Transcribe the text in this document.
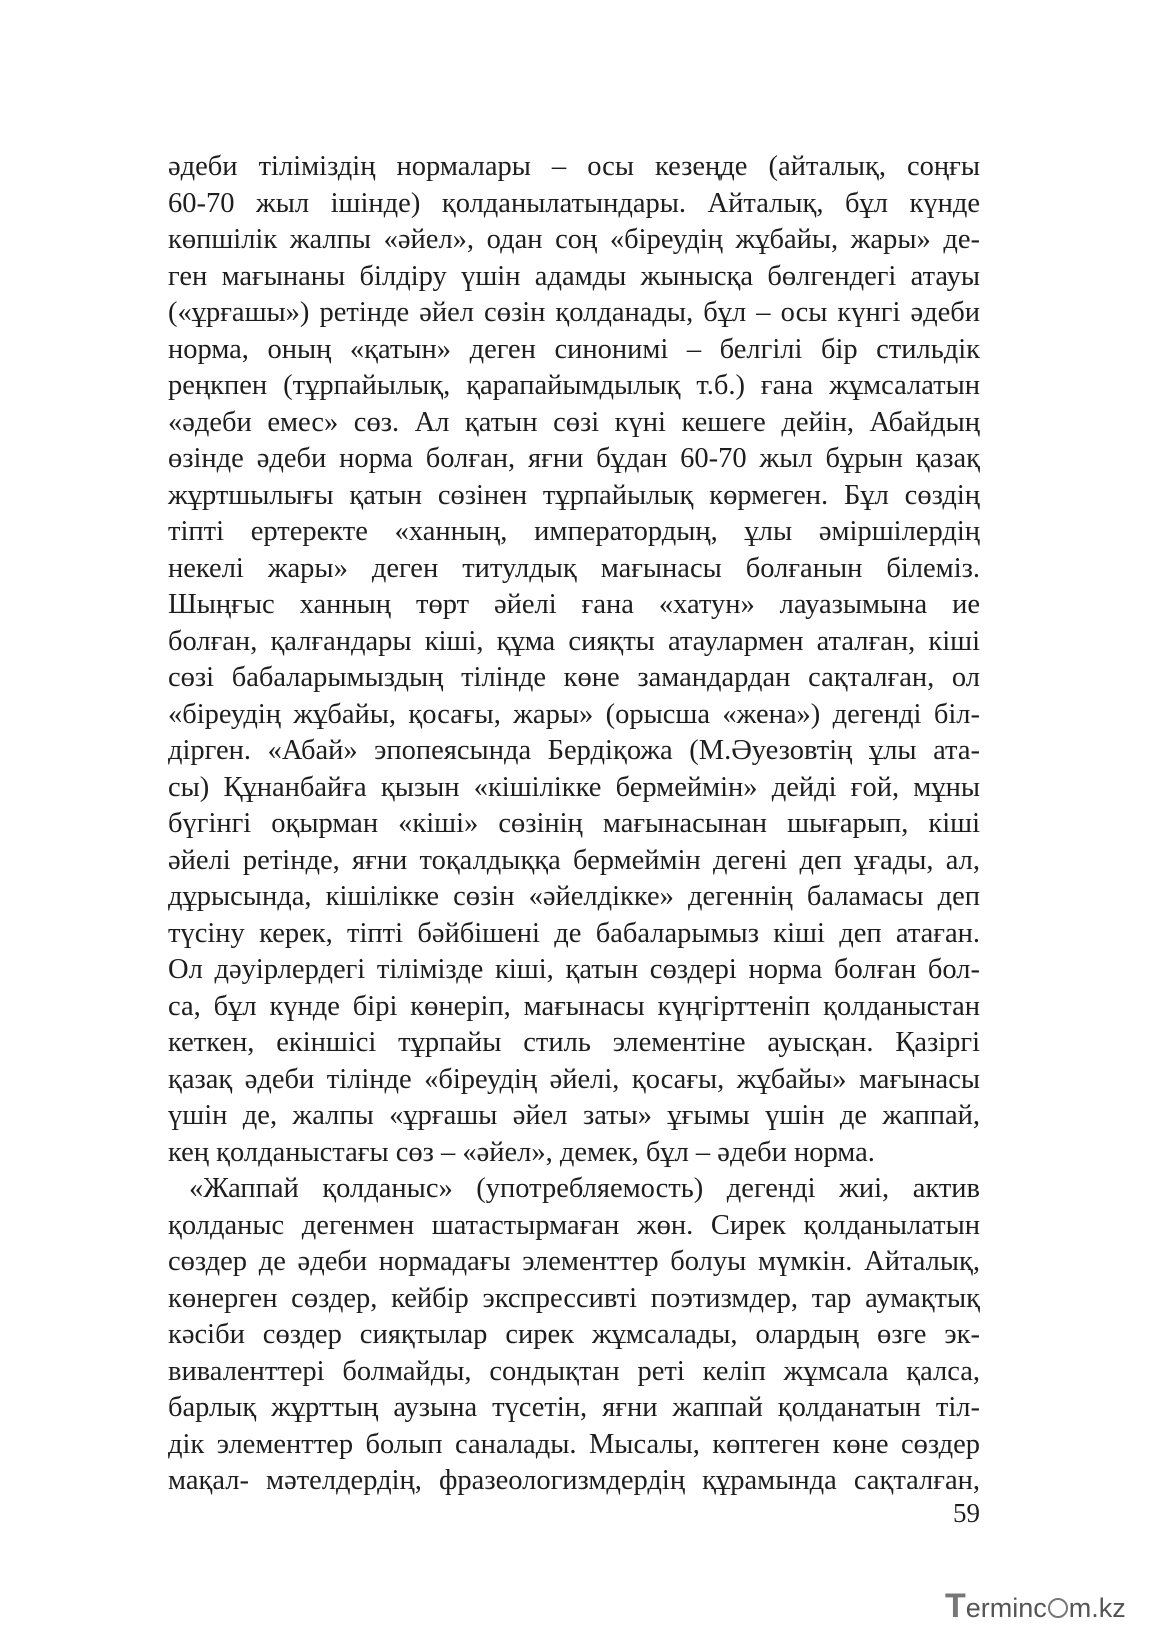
әдеби тіліміздің нормалары – осы кезеңде (айталық, соңғы
60-70 жыл ішінде) қолданылатындары. Айталық, бұл күнде
көпшілік жалпы «әйел», одан соң «біреудің жұбайы, жары» де-
ген мағынаны білдіру үшін адамды жынысқа бөлгендегі атауы
(«ұрғашы») ретінде әйел сөзін қолданады, бұл – осы күнгі әдеби
норма, оның «қатын» деген синонимі – белгілі бір стильдік
реңкпен (тұрпайылық, қарапайымдылық т.б.) ғана жұмсалатын
«әдеби емес» сөз. Ал қатын сөзі күні кешеге дейін, Абайдың
өзінде әдеби норма болған, яғни бұдан 60-70 жыл бұрын қазақ
жұртшылығы қатын сөзінен тұрпайылық көрмеген. Бұл сөздің
тіпті ертеректе «ханның, императордың, ұлы әміршілердің
некелі жары» деген титулдық мағынасы болғанын білеміз.
Шыңғыс ханның төрт әйелі ғана «хатун» лауазымына ие
болған, қалғандары кіші, құма сияқты атаулармен аталған, кіші
сөзі бабаларымыздың тілінде көне замандардан сақталған, ол
«біреудің жұбайы, қосағы, жары» (орысша «жена») дегенді біл-
дірген. «Абай» эпопеясында Бердіқожа (М.Әуезовтің ұлы ата-
сы) Құнанбайға қызын «кішілікке бермеймін» дейді ғой, мұны
бүгінгі оқырман «кіші» сөзінің мағынасынан шығарып, кіші
әйелі ретінде, яғни тоқалдыққа бермеймін дегені деп ұғады, ал,
дұрысында, кішілікке сөзін «әйелдікке» дегеннің баламасы деп
түсіну керек, тіпті бәйбішені де бабаларымыз кіші деп атаған.
Ол дәуірлердегі тілімізде кіші, қатын сөздері норма болған бол-
са, бұл күнде бірі көнеріп, мағынасы күңгірттеніп қолданыстан
кеткен, екіншісі тұрпайы стиль элементіне ауысқан. Қазіргі
қазақ әдеби тілінде «біреудің әйелі, қосағы, жұбайы» мағынасы
үшін де, жалпы «ұрғашы әйел заты» ұғымы үшін де жаппай,
кең қолданыстағы сөз – «әйел», демек, бұл – әдеби норма.
«Жаппай қолданыс» (употребляемость) дегенді жиі, актив
қолданыс дегенмен шатастырмаған жөн. Сирек қолданылатын
сөздер де әдеби нормадағы элементтер болуы мүмкін. Айталық,
көнерген сөздер, кейбір экспрессивті поэтизмдер, тар аумақтық
кәсіби сөздер сияқтылар сирек жұмсалады, олардың өзге эк-
виваленттері болмайды, сондықтан реті келіп жұмсала қалса,
барлық жұрттың аузына түсетін, яғни жаппай қолданатын тіл-
дік элементтер болып саналады. Мысалы, көптеген көне сөздер
мақал- мәтелдердің, фразеологизмдердің құрамында сақталған,
59
Terminc m.kz
